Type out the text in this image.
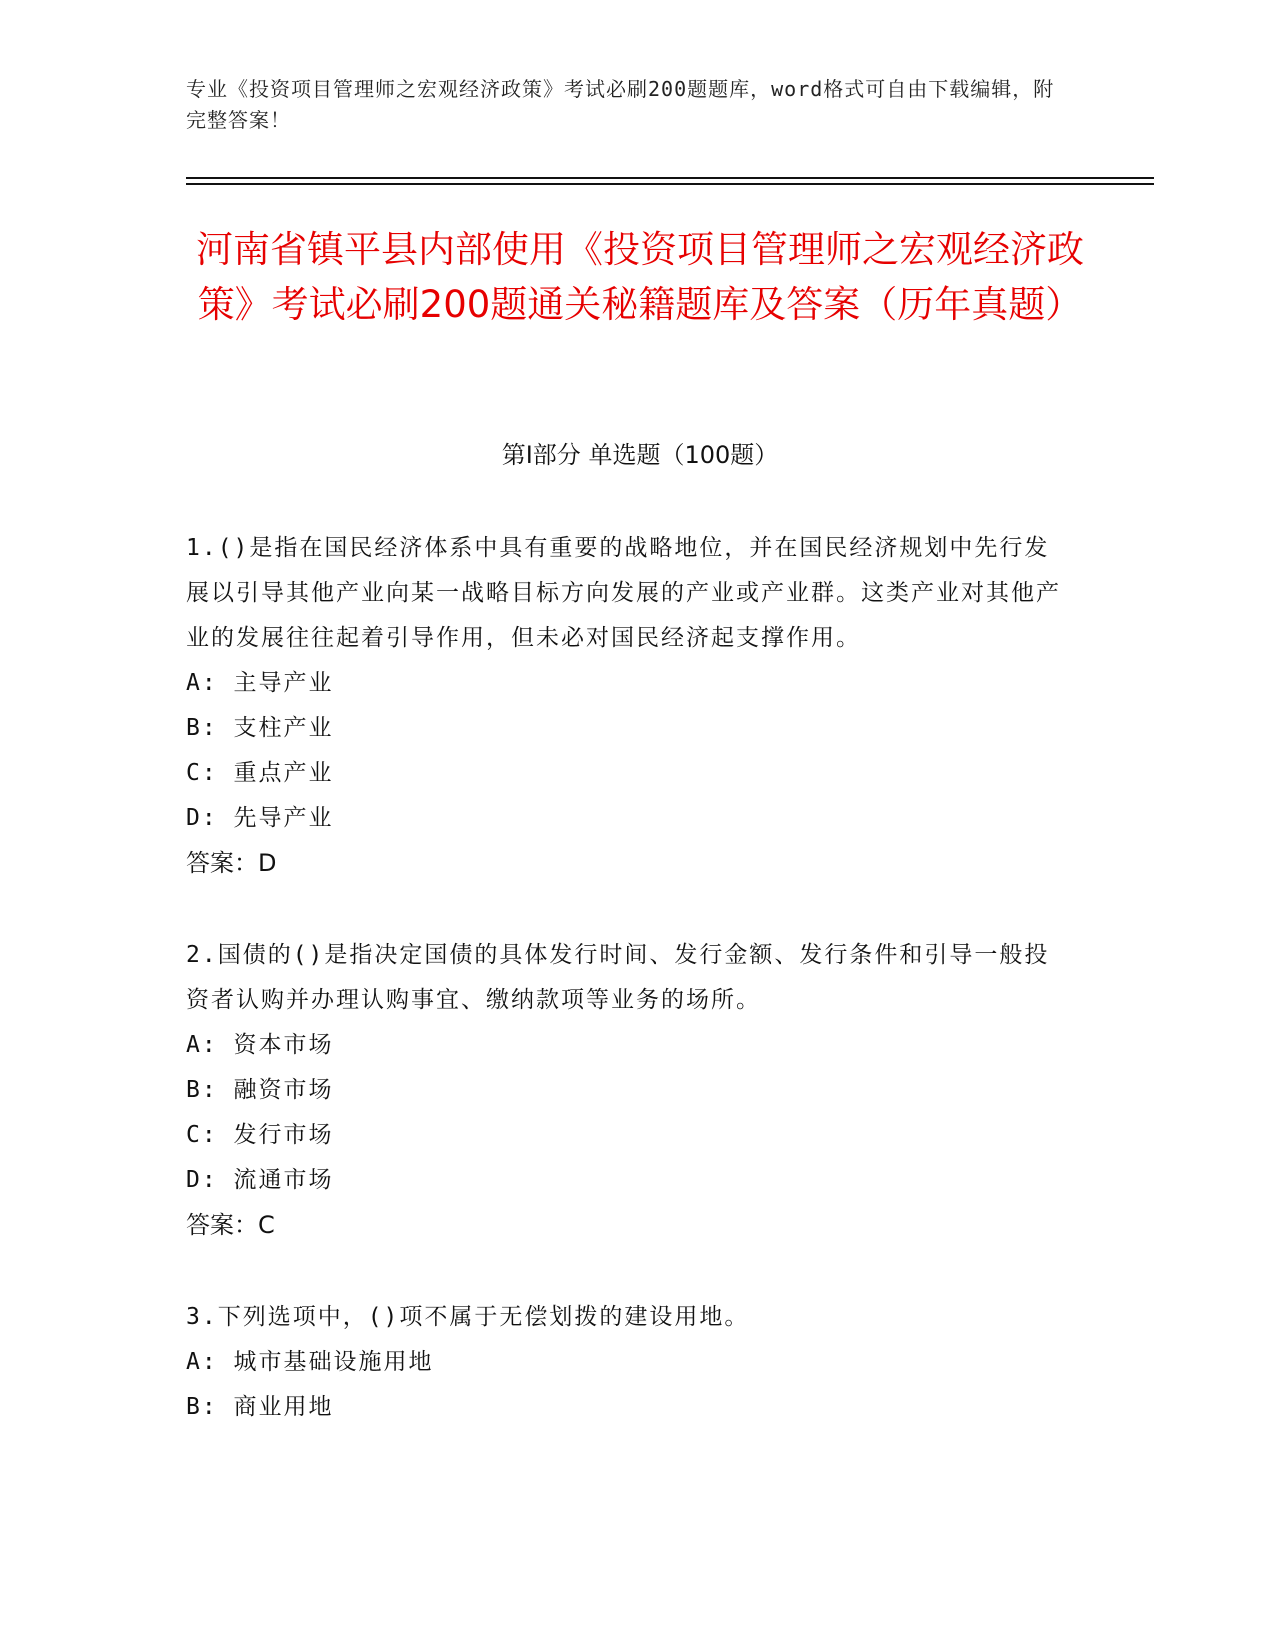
专业《投资项目管理师之宏观经济政策》考试必刷200题题库，word格式可自由下载编辑，附完整答案！
河南省镇平县内部使用《投资项目管理师之宏观经济政策》考试必刷200题通关秘籍题库及答案（历年真题）
第Ⅰ部分 单选题（100题）

1.()是指在国民经济体系中具有重要的战略地位，并在国民经济规划中先行发展以引导其他产业向某一战略目标方向发展的产业或产业群。这类产业对其他产业的发展往往起着引导作用，但未必对国民经济起支撑作用。

A: 主导产业

B: 支柱产业

C: 重点产业

D: 先导产业

答案：D

2.国债的()是指决定国债的具体发行时间、发行金额、发行条件和引导一般投资者认购并办理认购事宜、缴纳款项等业务的场所。

A: 资本市场

B: 融资市场

C: 发行市场

D: 流通市场

答案：C

3.下列选项中，()项不属于无偿划拨的建设用地。

A: 城市基础设施用地

B: 商业用地
